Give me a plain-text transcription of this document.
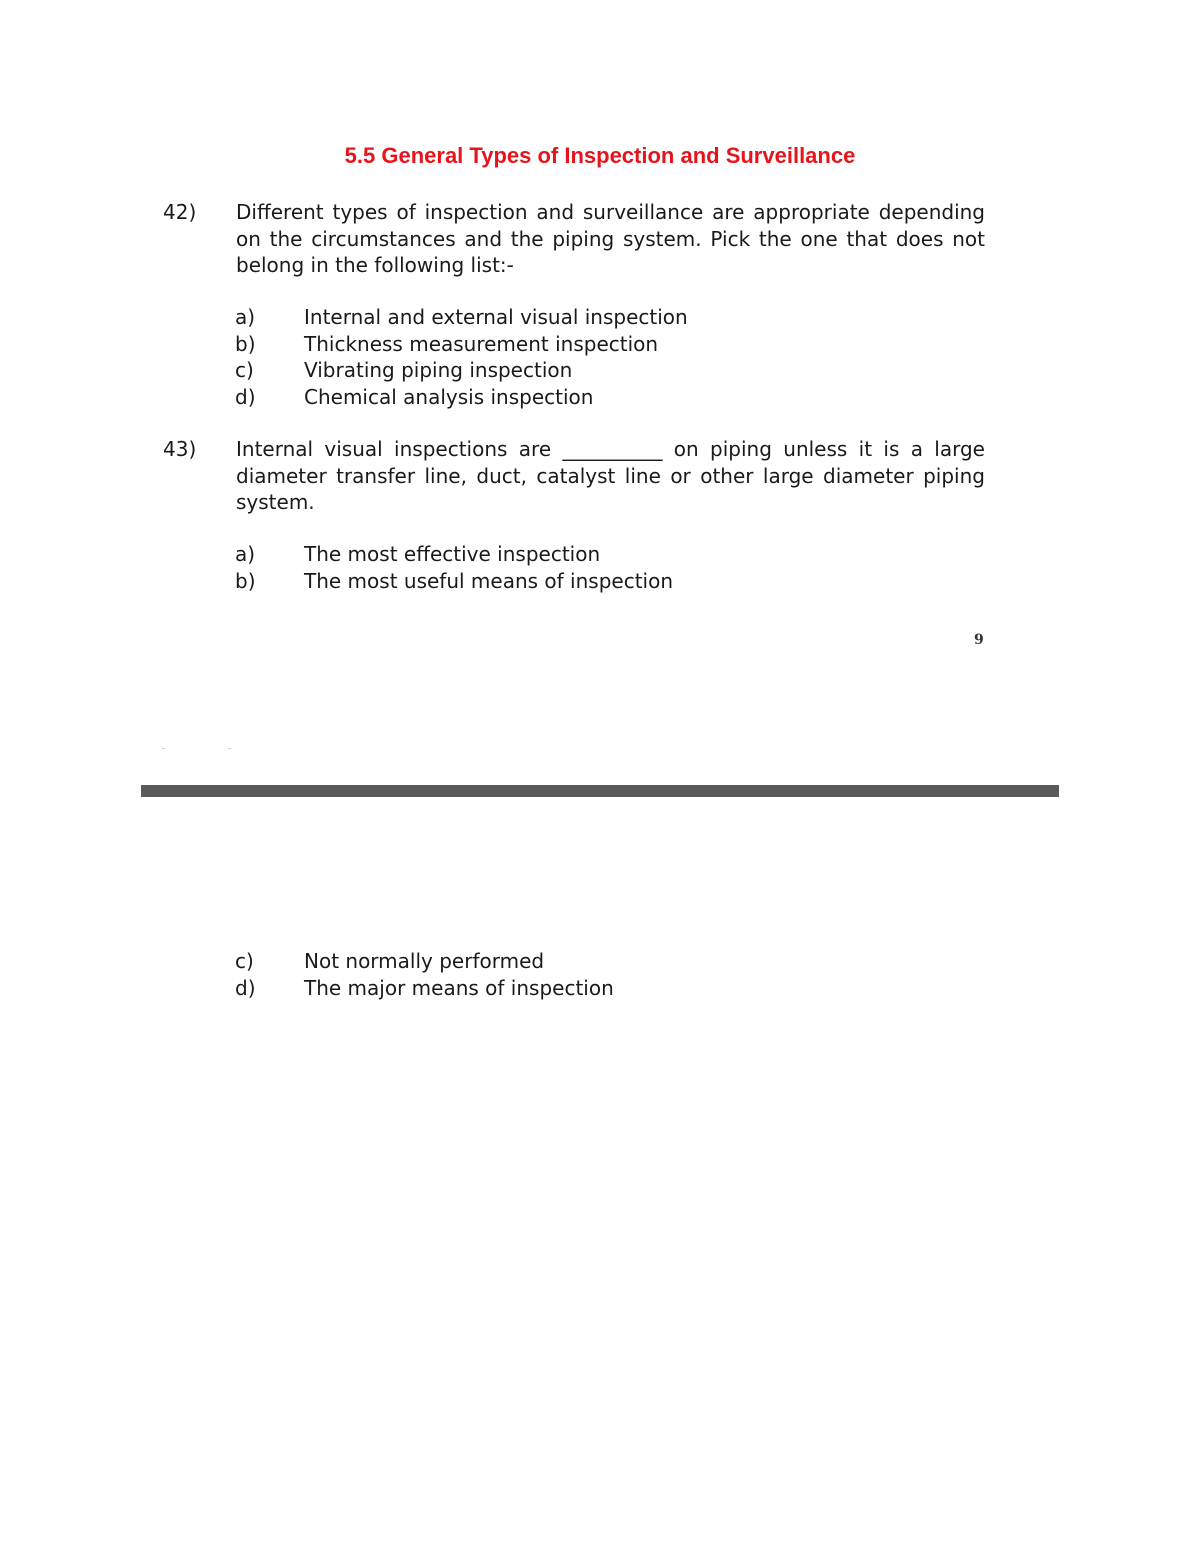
5.5 General Types of Inspection and Surveillance
42) Different types of inspection and surveillance are appropriate depending on the circumstances and the piping system. Pick the one that does not belong in the following list:-

a) Internal and external visual inspection
b) Thickness measurement inspection
c)	Vibrating piping inspection
d) Chemical analysis inspection
43) Internal visual inspections are __________ on piping unless it is a large diameter transfer line, duct, catalyst line or other large diameter piping system.

a) The most effective inspection
b) The most useful means of inspection
9
c)	Not normally performed
d) The major means of inspection
